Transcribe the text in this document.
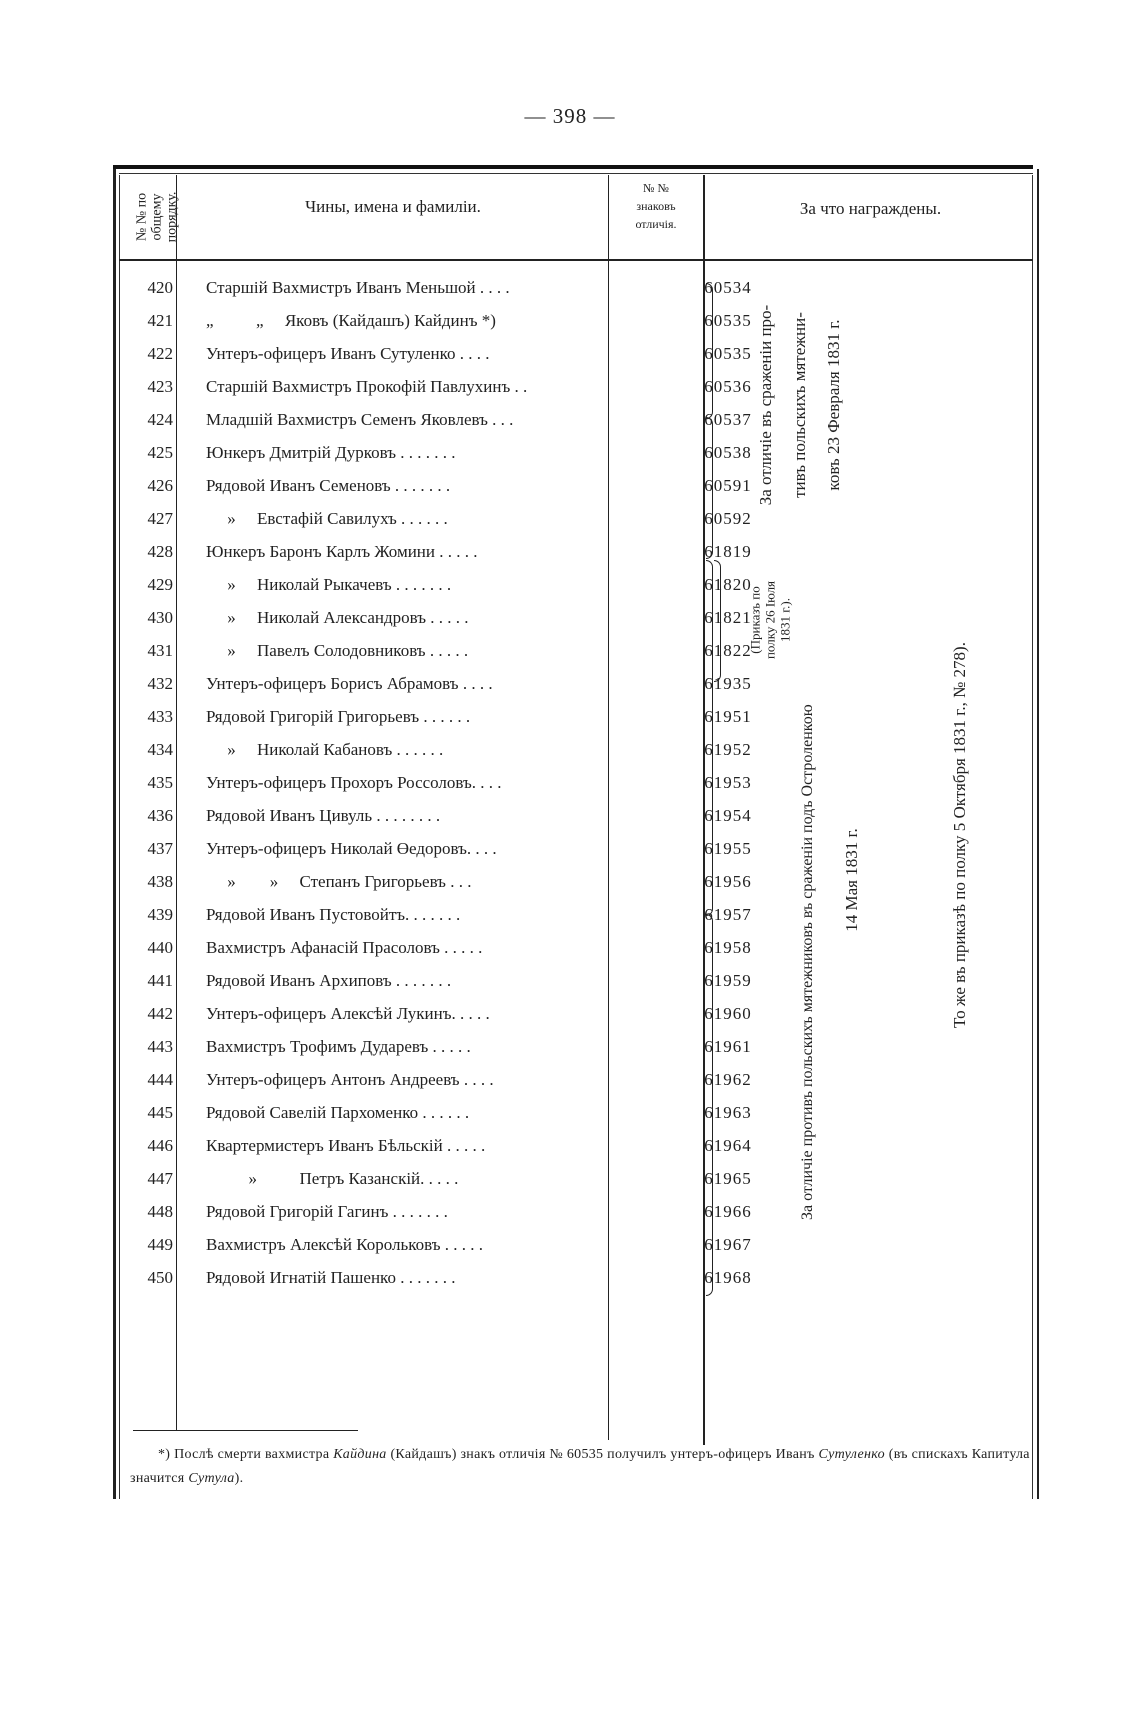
— 398 —
№ № по общему порядку.	Чины, имена и фамиліи.
№ №
знаковъ
отличія.
За что награждены.
420 Старшій Вахмистръ Иванъ Меньшой . . . .	60534
421 „          „     Яковъ (Кайдашъ) Кайдинъ *)	60535
422 Унтеръ-офицеръ Иванъ Сутуленко . . . .	60535
423 Старшій Вахмистръ Прокофій Павлухинъ . .	60536
424 Младшій Вахмистръ Семенъ Яковлевъ . . .	60537
425 Юнкеръ Дмитрій Дурковъ . . . . . . .	60538
426 Рядовой Иванъ Семеновъ . . . . . . .	60591
427 »     Евстафій Савилухъ . . . . . .	60592
428 Юнкеръ Баронъ Карлъ Жомини . . . . .	61819
429 »     Николай Рыкачевъ . . . . . . .	61820
430 »     Николай Александровъ . . . . .	61821
431 »     Павелъ Солодовниковъ . . . . .	61822
432 Унтеръ-офицеръ Борисъ Абрамовъ . . . .	61935
433 Рядовой Григорій Григорьевъ . . . . . .	61951
434 »     Николай Кабановъ . . . . . .	61952
435 Унтеръ-офицеръ Прохоръ Россоловъ. . . .	61953
436 Рядовой Иванъ Цивуль . . . . . . . .	61954
437 Унтеръ-офицеръ Николай Өедоровъ. . . .	61955
438 »        »     Степанъ Григорьевъ . . .	61956
439 Рядовой Иванъ Пустовойтъ. . . . . . .	61957
440 Вахмистръ Афанасій Прасоловъ . . . . .	61958
441 Рядовой Иванъ Архиповъ . . . . . . .	61959
442 Унтеръ-офицеръ Алексѣй Лукинъ. . . . .	61960
443 Вахмистръ Трофимъ Дударевъ . . . . .	61961
444 Унтеръ-офицеръ Антонъ Андреевъ . . . .	61962
445 Рядовой Савелій Пархоменко . . . . . .	61963
446 Квартермистеръ Иванъ Бѣльскій . . . . .	61964
447 »          Петръ Казанскій. . . . .	61965
448 Рядовой Григорій Гагинъ . . . . . . .	61966
449 Вахмистръ Алексѣй Корольковъ . . . . .	61967
450 Рядовой Игнатій Пашенко . . . . . . .	61968
За отличіе въ сраженіи про- тивъ польскихъ мятежни- ковъ 23 Февраля 1831 г.
(Приказъ по полку 26 Іюля 1831 г.).
За отличіе противъ польскихъ мятежниковъ въ сраженіи подъ Остроленкою	14 Мая 1831 г.	То же въ приказѣ по полку 5 Октября 1831 г., № 278).
*) Послѣ смерти вахмистра Кайдина (Кайдашъ) знакъ отличія № 60535 получилъ унтеръ-офицеръ Иванъ Сутуленко (въ спискахъ Капитула значится Сутула).
